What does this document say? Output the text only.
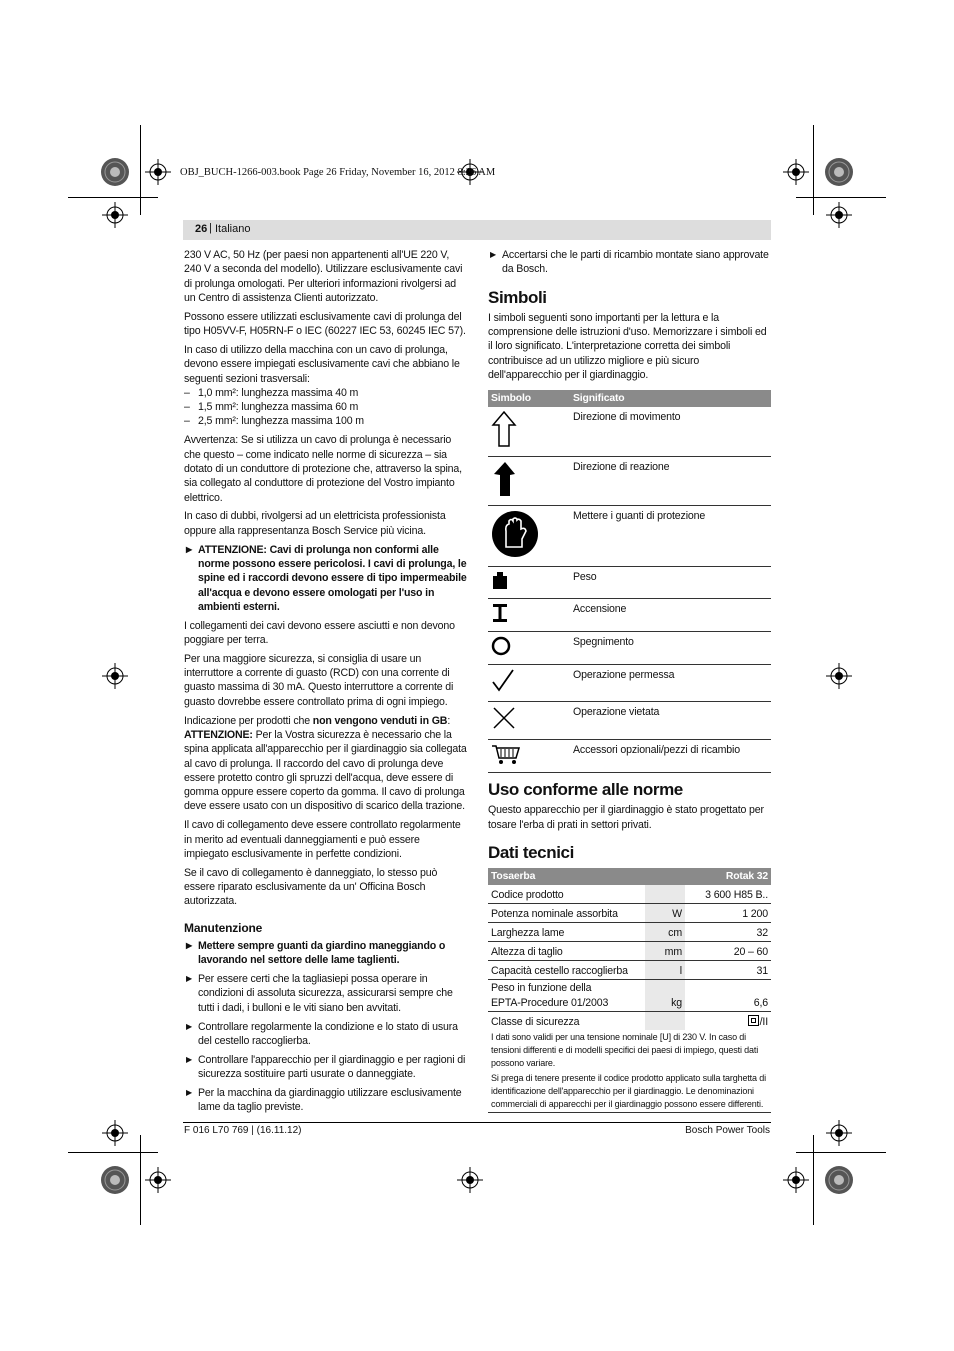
OBJ_BUCH-1266-003.book Page 26 Friday, November 16, 2012 8:26 AM
26 | Italiano

230 V AC, 50 Hz (per paesi non appartenenti all'UE 220 V, 240 V a seconda del modello). Utilizzare esclusivamente cavi di prolunga omologati. Per ulteriori informazioni rivolgersi ad un Centro di assistenza Clienti autorizzato.

Possono essere utilizzati esclusivamente cavi di prolunga del tipo H05VV-F, H05RN-F o IEC (60227 IEC 53, 60245 IEC 57).

In caso di utilizzo della macchina con un cavo di prolunga, devono essere impiegati esclusivamente cavi che abbiano le seguenti sezioni trasversali:

– 1,0 mm²: lunghezza massima 40 m
– 1,5 mm²: lunghezza massima 60 m
– 2,5 mm²: lunghezza massima 100 m

Avvertenza: Se si utilizza un cavo di prolunga è necessario che questo – come indicato nelle norme di sicurezza – sia dotato di un conduttore di protezione che, attraverso la spina, sia collegato al conduttore di protezione del Vostro impianto elettrico.

In caso di dubbi, rivolgersi ad un elettricista professionista oppure alla rappresentanza Bosch Service più vicina.

▶ ATTENZIONE: Cavi di prolunga non conformi alle norme possono essere pericolosi. I cavi di prolunga, le spine ed i raccordi devono essere di tipo impermeabile all'acqua e devono essere omologati per l'uso in ambienti esterni.

I collegamenti dei cavi devono essere asciutti e non devono poggiare per terra.

Per una maggiore sicurezza, si consiglia di usare un interruttore a corrente di guasto (RCD) con una corrente di guasto massima di 30 mA. Questo interruttore a corrente di guasto dovrebbe essere controllato prima di ogni impiego.

Indicazione per prodotti che non vengono venduti in GB:

ATTENZIONE: Per la Vostra sicurezza è necessario che la spina applicata all'apparecchio per il giardinaggio sia collegata al cavo di prolunga. Il raccordo del cavo di prolunga deve essere protetto contro gli spruzzi dell'acqua, deve essere di gomma oppure essere coperto da gomma. Il cavo di prolunga deve essere usato con un dispositivo di scarico della trazione.

Il cavo di collegamento deve essere controllato regolarmente in merito ad eventuali danneggiamenti e può essere impiegato esclusivamente in perfette condizioni.

Se il cavo di collegamento è danneggiato, lo stesso può essere riparato esclusivamente da un' Officina Bosch autorizzata.

Manutenzione
▶ Mettere sempre guanti da giardino maneggiando o lavorando nel settore delle lame taglienti.
▶ Per essere certi che la tagliasiepi possa operare in condizioni di assoluta sicurezza, assicurarsi sempre che tutti i dadi, i bulloni e le viti siano ben avvitati.
▶ Controllare regolarmente la condizione e lo stato di usura del cestello raccoglierba.
▶ Controllare l'apparecchio per il giardinaggio e per ragioni di sicurezza sostituire parti usurate o danneggiate.
▶ Per la macchina da giardinaggio utilizzare esclusivamente lame da taglio previste.
▶ Accertarsi che le parti di ricambio montate siano approvate da Bosch.
Simboli

I simboli seguenti sono importanti per la lettura e la comprensione delle istruzioni d'uso. Memorizzare i simboli ed il loro significato. L'interpretazione corretta dei simboli contribuisce ad un utilizzo migliore e più sicuro dell'apparecchio per il giardinaggio.

Simbolo	Significato
	Direzione di movimento
	Direzione di reazione
	Mettere i guanti di protezione
	Peso
	Accensione
	Spegnimento
	Operazione permessa
	Operazione vietata
	Accessori opzionali/pezzi di ricambio
Uso conforme alle norme

Questo apparecchio per il giardinaggio è stato progettato per tosare l'erba di prati in settori privati.

Dati tecnici
Tosaerba		Rotak 32
Codice prodotto		3 600 H85 B..
Potenza nominale assorbita	W	1 200
Larghezza lame	cm	32
Altezza di taglio	mm	20 – 60
Capacità cestello raccoglierba	l	31
Peso in funzione della
EPTA-Procedure 01/2003	kg	6,6
Classe di sicurezza		/II
I dati sono validi per una tensione nominale [U] di 230 V. In caso di tensioni differenti e di modelli specifici dei paesi di impiego, questi dati possono variare.		
Si prega di tenere presente il codice prodotto applicato sulla targhetta di identificazione dell'apparecchio per il giardinaggio. Le denominazioni commerciali di apparecchi per il giardinaggio possono essere differenti.		
F 016 L70 769 | (16.11.12)	Bosch Power Tools
